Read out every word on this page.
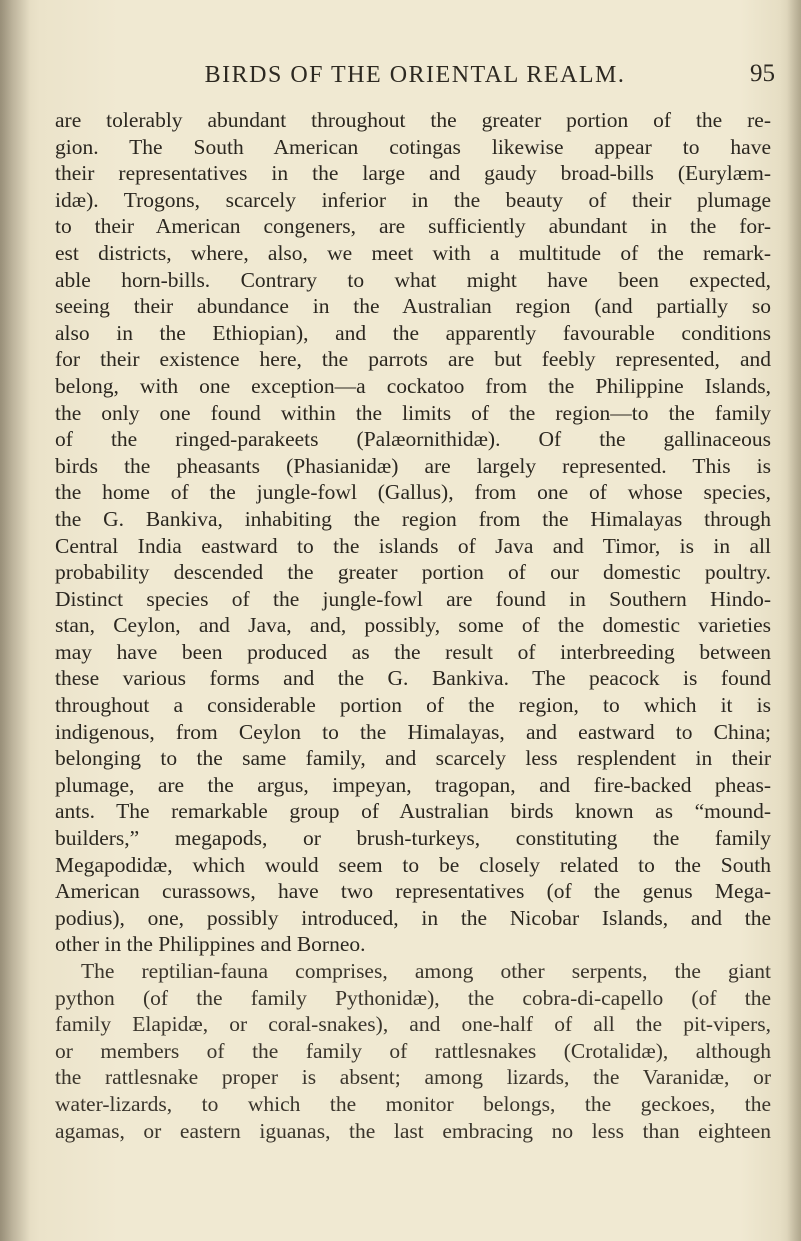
BIRDS OF THE ORIENTAL REALM.	95
are tolerably abundant throughout the greater portion of the re-
gion. The South American cotingas likewise appear to have
their representatives in the large and gaudy broad-bills (Eurylæm-
idæ). Trogons, scarcely inferior in the beauty of their plumage
to their American congeners, are sufficiently abundant in the for-
est districts, where, also, we meet with a multitude of the remark-
able horn-bills. Contrary to what might have been expected,
seeing their abundance in the Australian region (and partially so
also in the Ethiopian), and the apparently favourable conditions
for their existence here, the parrots are but feebly represented, and
belong, with one exception—a cockatoo from the Philippine Islands,
the only one found within the limits of the region—to the family
of the ringed-parakeets (Palæornithidæ). Of the gallinaceous
birds the pheasants (Phasianidæ) are largely represented. This is
the home of the jungle-fowl (Gallus), from one of whose species,
the G. Bankiva, inhabiting the region from the Himalayas through
Central India eastward to the islands of Java and Timor, is in all
probability descended the greater portion of our domestic poultry.
Distinct species of the jungle-fowl are found in Southern Hindo-
stan, Ceylon, and Java, and, possibly, some of the domestic varieties
may have been produced as the result of interbreeding between
these various forms and the G. Bankiva. The peacock is found
throughout a considerable portion of the region, to which it is
indigenous, from Ceylon to the Himalayas, and eastward to China;
belonging to the same family, and scarcely less resplendent in their
plumage, are the argus, impeyan, tragopan, and fire-backed pheas-
ants. The remarkable group of Australian birds known as “mound-
builders,” megapods, or brush-turkeys, constituting the family
Megapodidæ, which would seem to be closely related to the South
American curassows, have two representatives (of the genus Mega-
podius), one, possibly introduced, in the Nicobar Islands, and the
other in the Philippines and Borneo.
The reptilian-fauna comprises, among other serpents, the giant
python (of the family Pythonidæ), the cobra-di-capello (of the
family Elapidæ, or coral-snakes), and one-half of all the pit-vipers,
or members of the family of rattlesnakes (Crotalidæ), although
the rattlesnake proper is absent; among lizards, the Varanidæ, or
water-lizards, to which the monitor belongs, the geckoes, the
agamas, or eastern iguanas, the last embracing no less than eighteen
